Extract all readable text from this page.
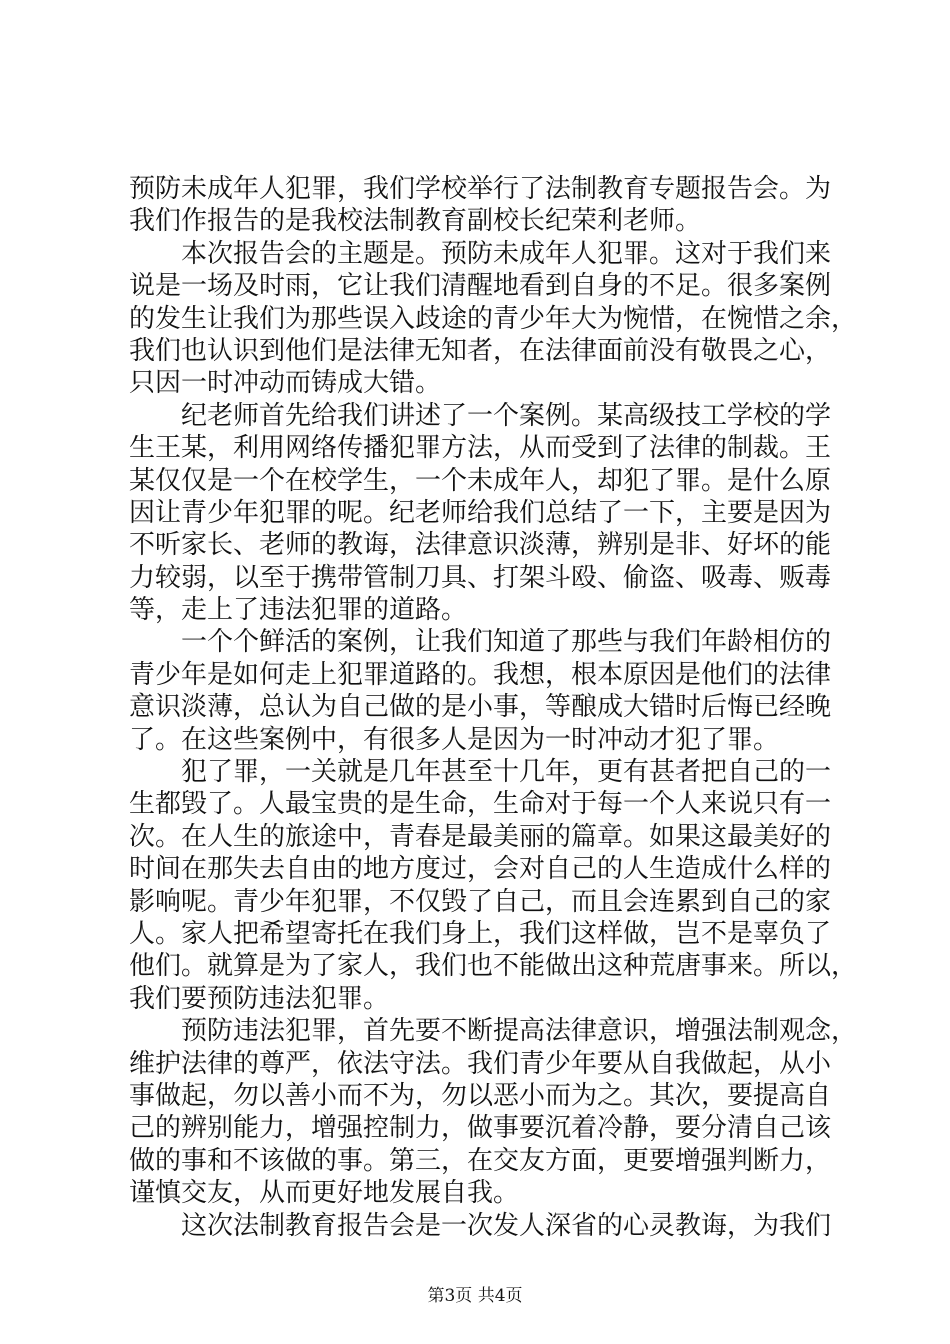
预防未成年人犯罪，我们学校举行了法制教育专题报告会。为
我们作报告的是我校法制教育副校长纪荣利老师。
本次报告会的主题是。预防未成年人犯罪。这对于我们来
说是一场及时雨，它让我们清醒地看到自身的不足。很多案例
的发生让我们为那些误入歧途的青少年大为惋惜，在惋惜之余，
我们也认识到他们是法律无知者，在法律面前没有敬畏之心，
只因一时冲动而铸成大错。
纪老师首先给我们讲述了一个案例。某高级技工学校的学
生王某，利用网络传播犯罪方法，从而受到了法律的制裁。王
某仅仅是一个在校学生，一个未成年人，却犯了罪。是什么原
因让青少年犯罪的呢。纪老师给我们总结了一下，主要是因为
不听家长、老师的教诲，法律意识淡薄，辨别是非、好坏的能
力较弱，以至于携带管制刀具、打架斗殴、偷盗、吸毒、贩毒
等，走上了违法犯罪的道路。
一个个鲜活的案例，让我们知道了那些与我们年龄相仿的
青少年是如何走上犯罪道路的。我想，根本原因是他们的法律
意识淡薄，总认为自己做的是小事，等酿成大错时后悔已经晚
了。在这些案例中，有很多人是因为一时冲动才犯了罪。
犯了罪，一关就是几年甚至十几年，更有甚者把自己的一
生都毁了。人最宝贵的是生命，生命对于每一个人来说只有一
次。在人生的旅途中，青春是最美丽的篇章。如果这最美好的
时间在那失去自由的地方度过，会对自己的人生造成什么样的
影响呢。青少年犯罪，不仅毁了自己，而且会连累到自己的家
人。家人把希望寄托在我们身上，我们这样做，岂不是辜负了
他们。就算是为了家人，我们也不能做出这种荒唐事来。所以，
我们要预防违法犯罪。
预防违法犯罪，首先要不断提高法律意识，增强法制观念，
维护法律的尊严，依法守法。我们青少年要从自我做起，从小
事做起，勿以善小而不为，勿以恶小而为之。其次，要提高自
己的辨别能力，增强控制力，做事要沉着冷静，要分清自己该
做的事和不该做的事。第三，在交友方面，更要增强判断力，
谨慎交友，从而更好地发展自我。
这次法制教育报告会是一次发人深省的心灵教诲，为我们
第3页 共4页
